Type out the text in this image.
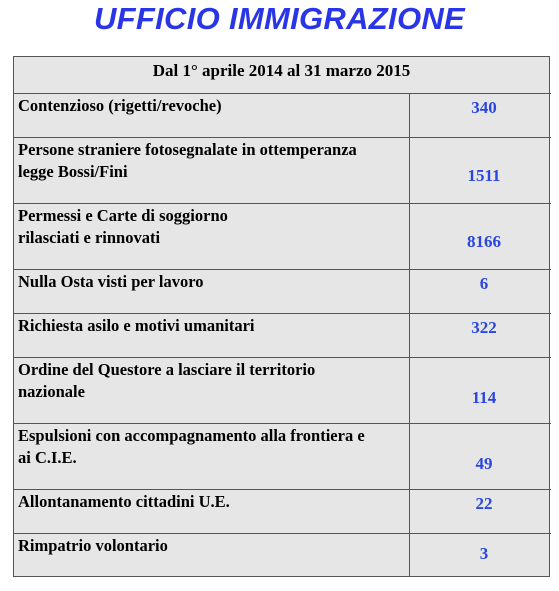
UFFICIO IMMIGRAZIONE
Dal 1° aprile 2014 al 31 marzo 2015
Contenzioso (rigetti/revoche)	340
Persone straniere fotosegnalate in ottemperanza
legge Bossi/Fini	1511
Permessi e Carte di soggiorno
rilasciati e rinnovati	8166
Nulla Osta visti per lavoro	6
Richiesta asilo e motivi umanitari	322
Ordine del Questore a lasciare il territorio
nazionale	114
Espulsioni con accompagnamento alla frontiera e
ai C.I.E.	49
Allontanamento cittadini U.E.	22
Rimpatrio volontario	3
